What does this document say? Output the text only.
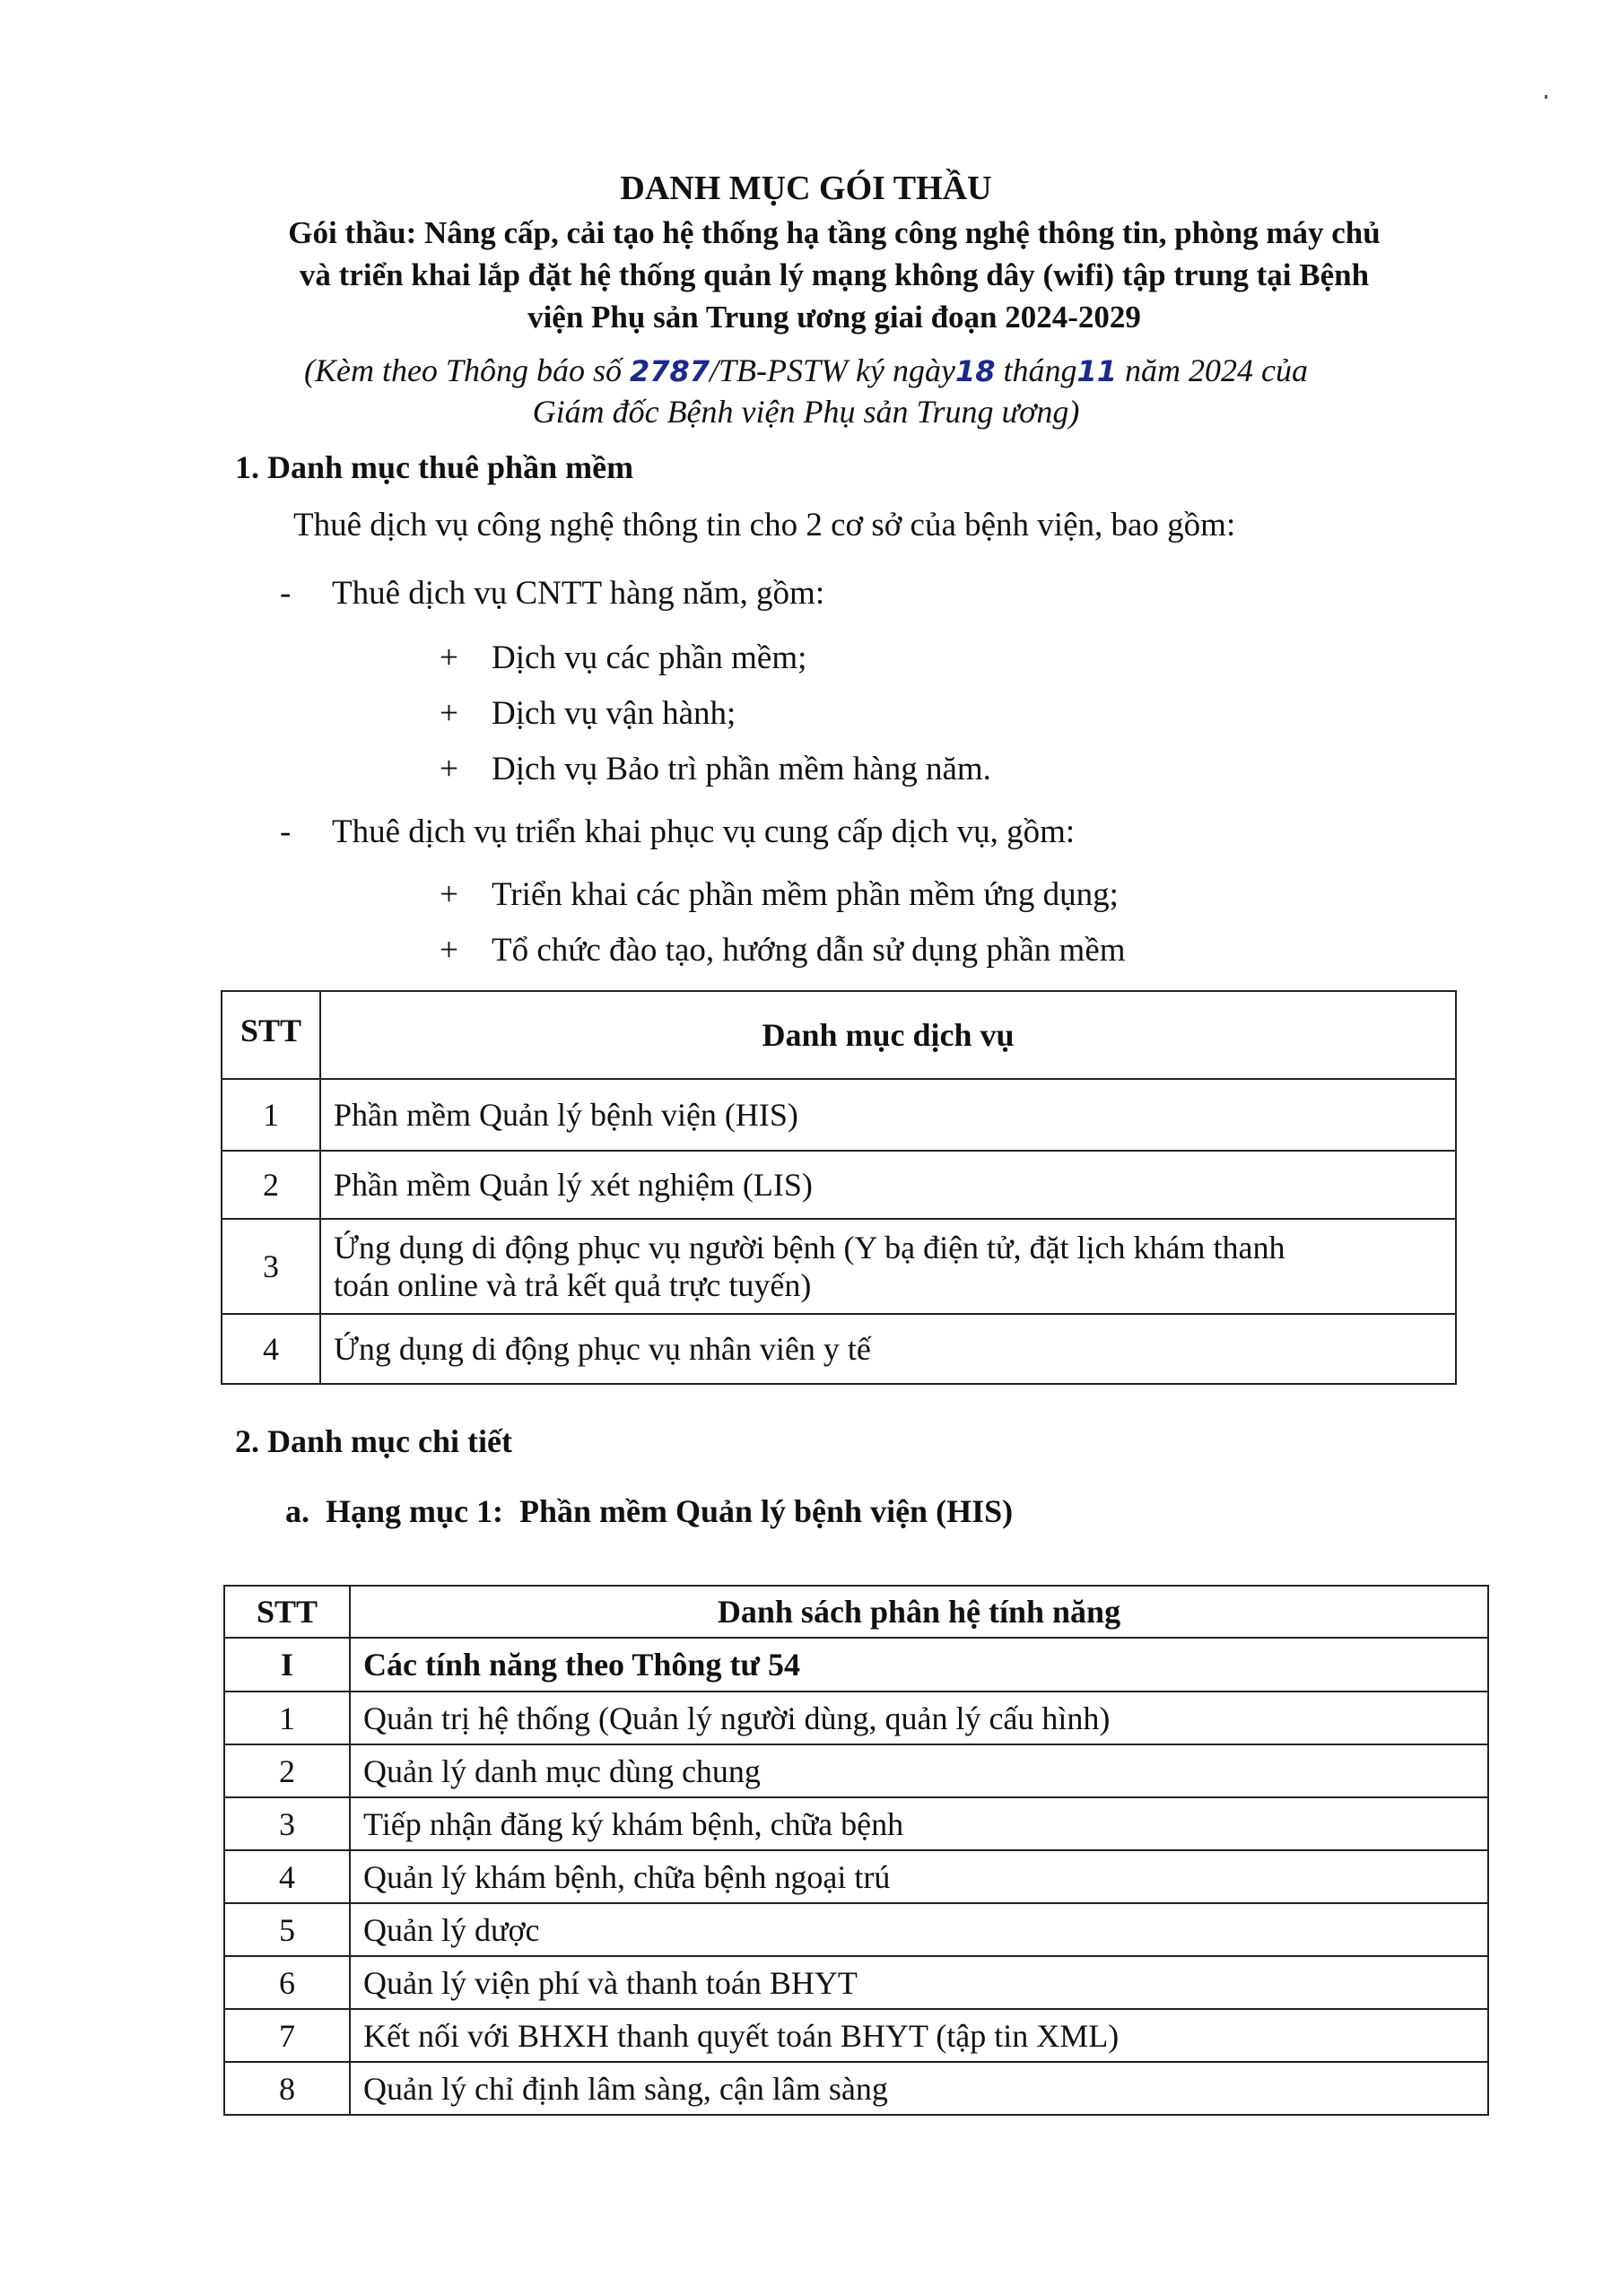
DANH MỤC GÓI THẦU
Gói thầu: Nâng cấp, cải tạo hệ thống hạ tầng công nghệ thông tin, phòng máy chủ
và triển khai lắp đặt hệ thống quản lý mạng không dây (wifi) tập trung tại Bệnh
viện Phụ sản Trung ương giai đoạn 2024-2029
(Kèm theo Thông báo số 2787/TB-PSTW ký ngày18 tháng11 năm 2024 của
Giám đốc Bệnh viện Phụ sản Trung ương)
1. Danh mục thuê phần mềm
Thuê dịch vụ công nghệ thông tin cho 2 cơ sở của bệnh viện, bao gồm:
- Thuê dịch vụ CNTT hàng năm, gồm:
+ Dịch vụ các phần mềm;
+ Dịch vụ vận hành;
+ Dịch vụ Bảo trì phần mềm hàng năm.
- Thuê dịch vụ triển khai phục vụ cung cấp dịch vụ, gồm:
+ Triển khai các phần mềm phần mềm ứng dụng;
+ Tổ chức đào tạo, hướng dẫn sử dụng phần mềm
STT	Danh mục dịch vụ
1	Phần mềm Quản lý bệnh viện (HIS)
2	Phần mềm Quản lý xét nghiệm (LIS)
3	Ứng dụng di động phục vụ người bệnh (Y bạ điện tử, đặt lịch khám thanh
toán online và trả kết quả trực tuyến)

4	Ứng dụng di động phục vụ nhân viên y tế
2. Danh mục chi tiết
a.  Hạng mục 1:  Phần mềm Quản lý bệnh viện (HIS)
STT	Danh sách phân hệ tính năng
I	Các tính năng theo Thông tư 54
1	Quản trị hệ thống (Quản lý người dùng, quản lý cấu hình)
2	Quản lý danh mục dùng chung
3	Tiếp nhận đăng ký khám bệnh, chữa bệnh
4	Quản lý khám bệnh, chữa bệnh ngoại trú
5	Quản lý dược
6	Quản lý viện phí và thanh toán BHYT
7	Kết nối với BHXH thanh quyết toán BHYT (tập tin XML)
8	Quản lý chỉ định lâm sàng, cận lâm sàng
